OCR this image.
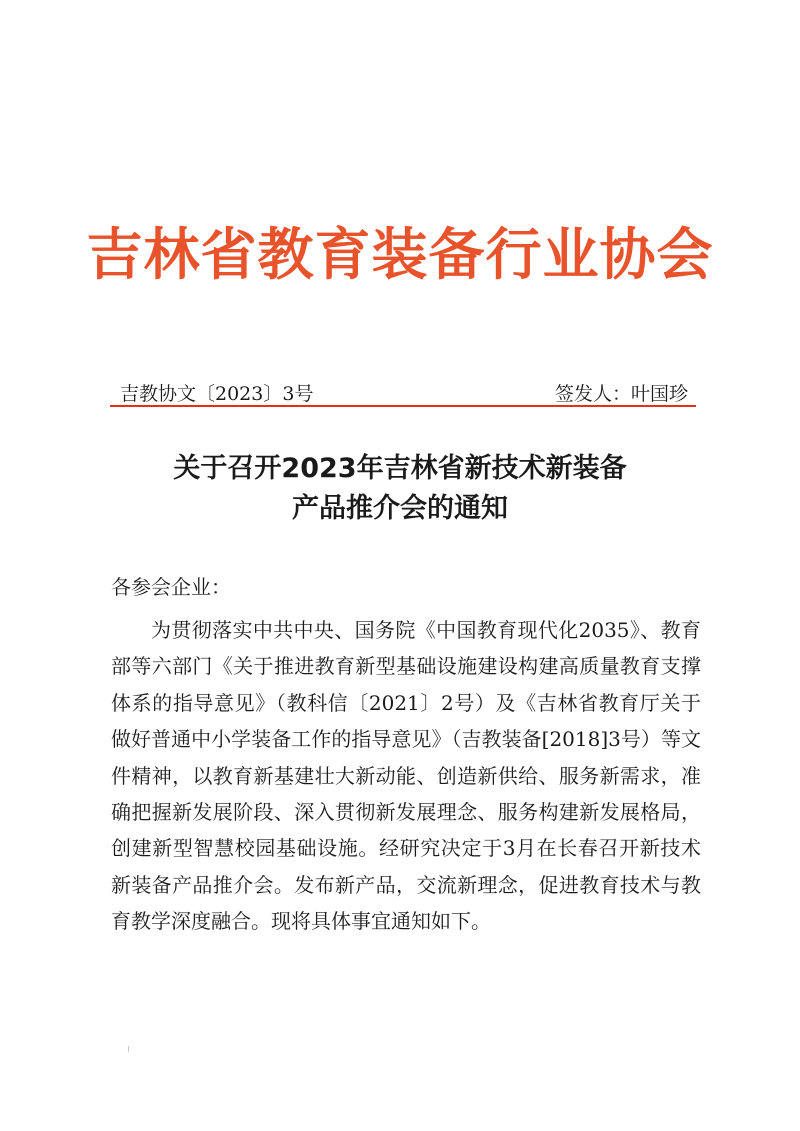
吉林省教育装备行业协会
吉教协文〔2023〕3号	签发人：叶国珍
关于召开2023年吉林省新技术新装备
产品推介会的通知
各参会企业：

为贯彻落实中共中央、国务院《中国教育现代化2035》、教育部等六部门《关于推进教育新型基础设施建设构建高质量教育支撑体系的指导意见》（教科信〔2021〕2号）及《吉林省教育厅关于做好普通中小学装备工作的指导意见》（吉教装备[2018]3号）等文件精神，以教育新基建壮大新动能、创造新供给、服务新需求，准确把握新发展阶段、深入贯彻新发展理念、服务构建新发展格局，创建新型智慧校园基础设施。经研究决定于3月在长春召开新技术新装备产品推介会。发布新产品，交流新理念，促进教育技术与教育教学深度融合。现将具体事宜通知如下。
